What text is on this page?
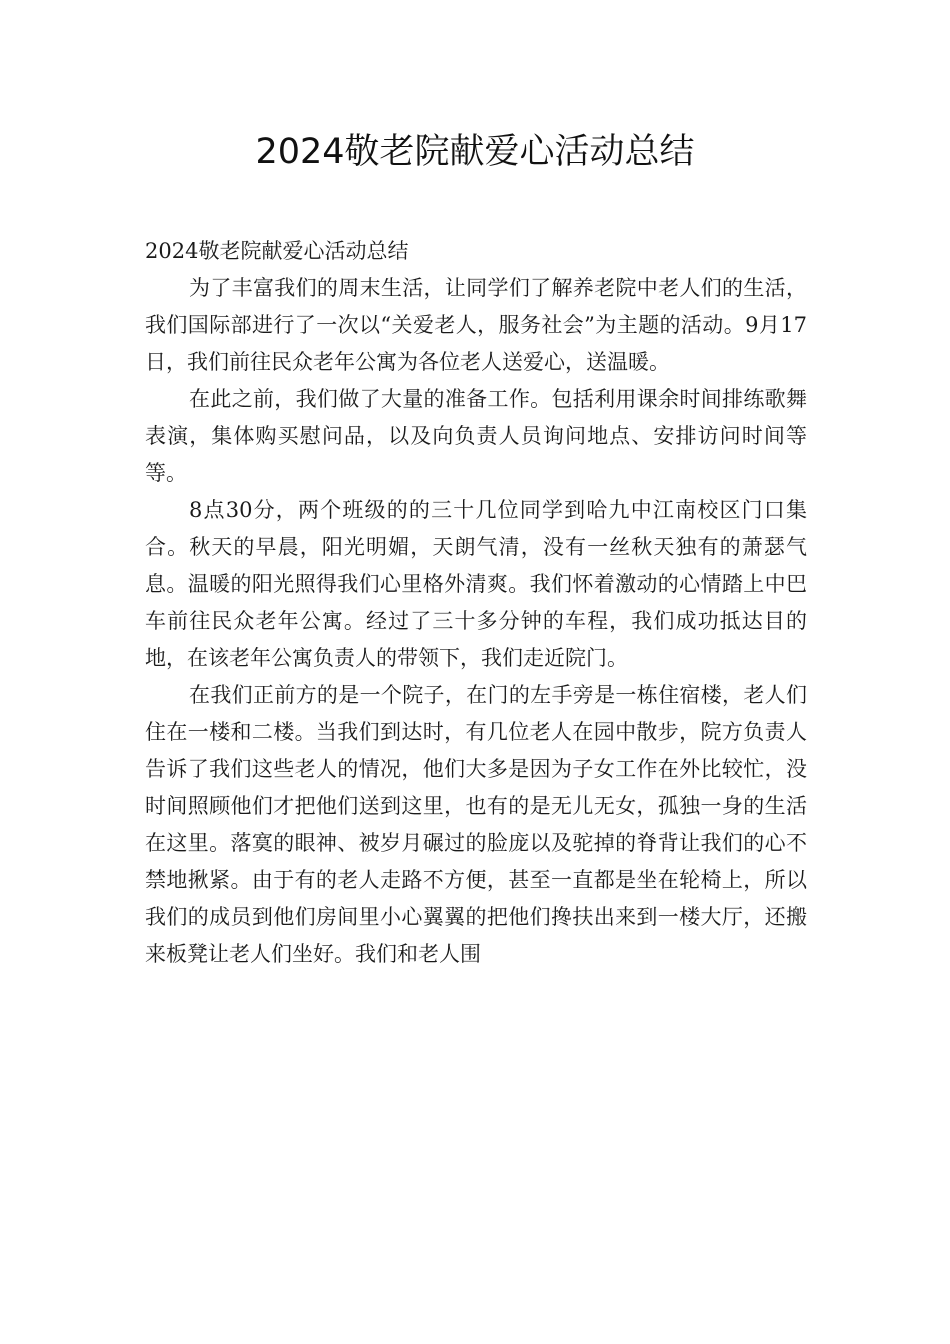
2024敬老院献爱心活动总结

2024敬老院献爱心活动总结

为了丰富我们的周末生活，让同学们了解养老院中老人们的生活，我们国际部进行了一次以“关爱老人，服务社会”为主题的活动。9月17日，我们前往民众老年公寓为各位老人送爱心，送温暖。

在此之前，我们做了大量的准备工作。包括利用课余时间排练歌舞表演，集体购买慰问品，以及向负责人员询问地点、安排访问时间等等。

8点30分，两个班级的的三十几位同学到哈九中江南校区门口集合。秋天的早晨，阳光明媚，天朗气清，没有一丝秋天独有的萧瑟气息。温暖的阳光照得我们心里格外清爽。我们怀着激动的心情踏上中巴车前往民众老年公寓。经过了三十多分钟的车程，我们成功抵达目的地，在该老年公寓负责人的带领下，我们走近院门。

在我们正前方的是一个院子，在门的左手旁是一栋住宿楼，老人们住在一楼和二楼。当我们到达时，有几位老人在园中散步，院方负责人告诉了我们这些老人的情况，他们大多是因为子女工作在外比较忙，没时间照顾他们才把他们送到这里，也有的是无儿无女，孤独一身的生活在这里。落寞的眼神、被岁月碾过的脸庞以及驼掉的脊背让我们的心不禁地揪紧。由于有的老人走路不方便，甚至一直都是坐在轮椅上，所以我们的成员到他们房间里小心翼翼的把他们搀扶出来到一楼大厅，还搬来板凳让老人们坐好。我们和老人围
